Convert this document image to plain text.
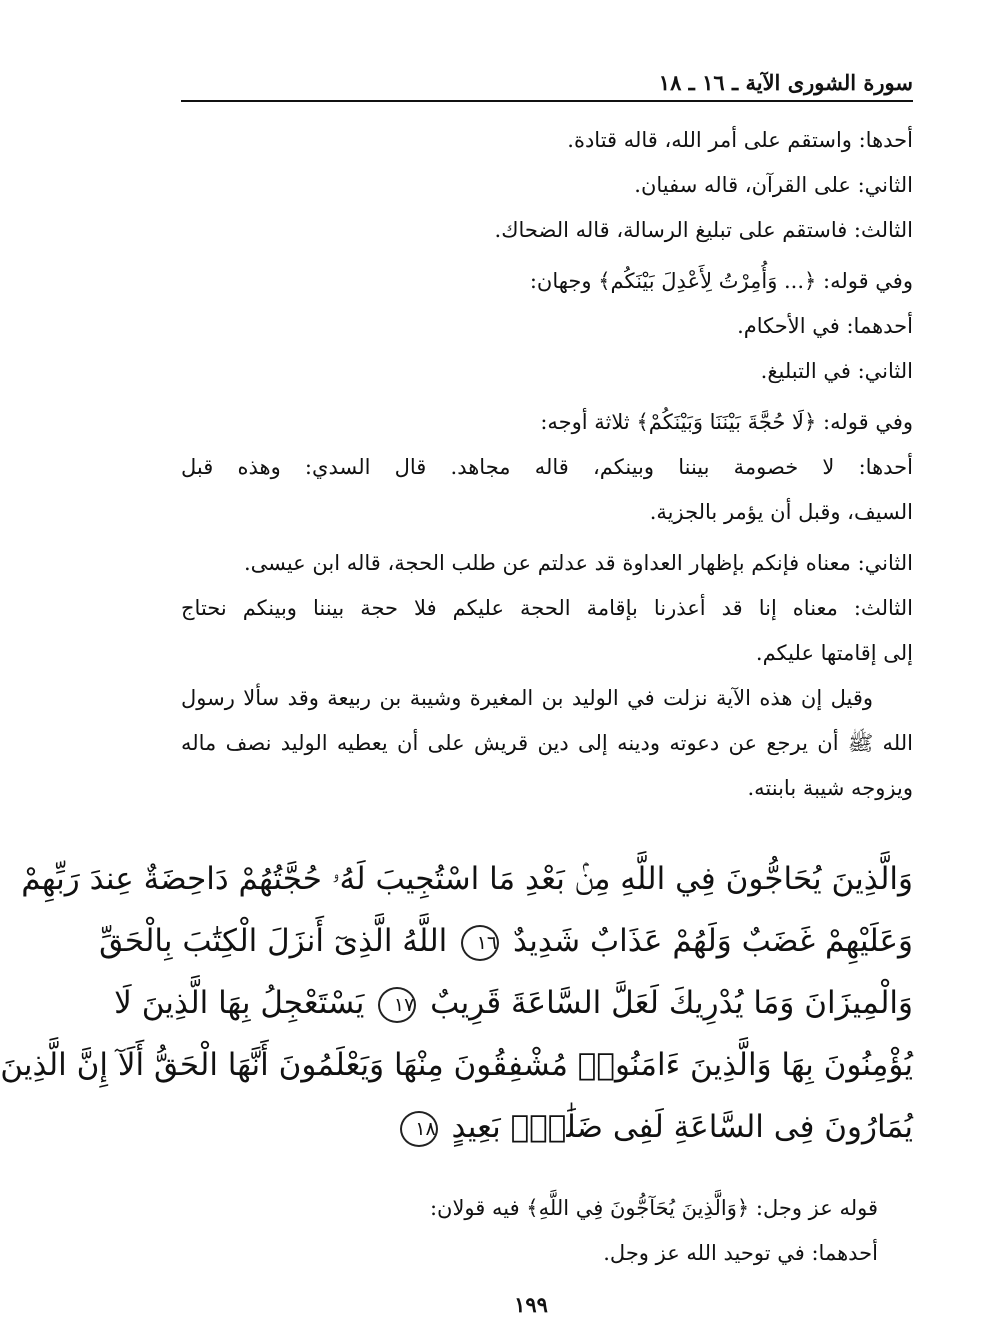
سورة الشورى الآية ـ ١٦ ـ ١٨
أحدها: واستقم على أمر الله، قاله قتادة.
الثاني: على القرآن، قاله سفيان.
الثالث: فاستقم على تبليغ الرسالة، قاله الضحاك.
وفي قوله: ﴿... وَأُمِرْتُ لِأَعْدِلَ بَيْنَكُم﴾ وجهان:
أحدهما: في الأحكام.
الثاني: في التبليغ.
وفي قوله: ﴿لَا حُجَّةَ بَيْنَنَا وَبَيْنَكُمْ﴾ ثلاثة أوجه:
أحدها: لا خصومة بيننا وبينكم، قاله مجاهد. قال السدي: وهذه قبل
السيف، وقبل أن يؤمر بالجزية.
الثاني: معناه فإنكم بإظهار العداوة قد عدلتم عن طلب الحجة، قاله ابن عيسى.
الثالث: معناه إنا قد أعذرنا بإقامة الحجة عليكم فلا حجة بيننا وبينكم نحتاج
إلى إقامتها عليكم.
وقيل إن هذه الآية نزلت في الوليد بن المغيرة وشيبة بن ربيعة وقد سألا رسول
الله ﷺ أن يرجع عن دعوته ودينه إلى دين قريش على أن يعطيه الوليد نصف ماله
ويزوجه شيبة بابنته.
وَالَّذِينَ يُحَاجُّونَ فِي اللَّهِ مِنۢ بَعْدِ مَا اسْتُجِيبَ لَهُۥ حُجَّتُهُمْ دَاحِضَةٌ عِندَ رَبِّهِمْ
وَعَلَيْهِمْ غَضَبٌ وَلَهُمْ عَذَابٌ شَدِيدٌ ١٦ اللَّهُ الَّذِىٓ أَنزَلَ الْكِتَٰبَ بِالْحَقِّ
وَالْمِيزَانَ وَمَا يُدْرِيكَ لَعَلَّ السَّاعَةَ قَرِيبٌ ١٧ يَسْتَعْجِلُ بِهَا الَّذِينَ لَا
يُؤْمِنُونَ بِهَا وَالَّذِينَ ءَامَنُوا۟ مُشْفِقُونَ مِنْهَا وَيَعْلَمُونَ أَنَّهَا الْحَقُّ أَلَآ إِنَّ الَّذِينَ
يُمَارُونَ فِى السَّاعَةِ لَفِى ضَلَٰلٍۭ بَعِيدٍ ١٨
قوله عز وجل: ﴿وَالَّذِينَ يُحَآجُّونَ فِي اللَّهِ﴾ فيه قولان:
أحدهما: في توحيد الله عز وجل.
١٩٩
